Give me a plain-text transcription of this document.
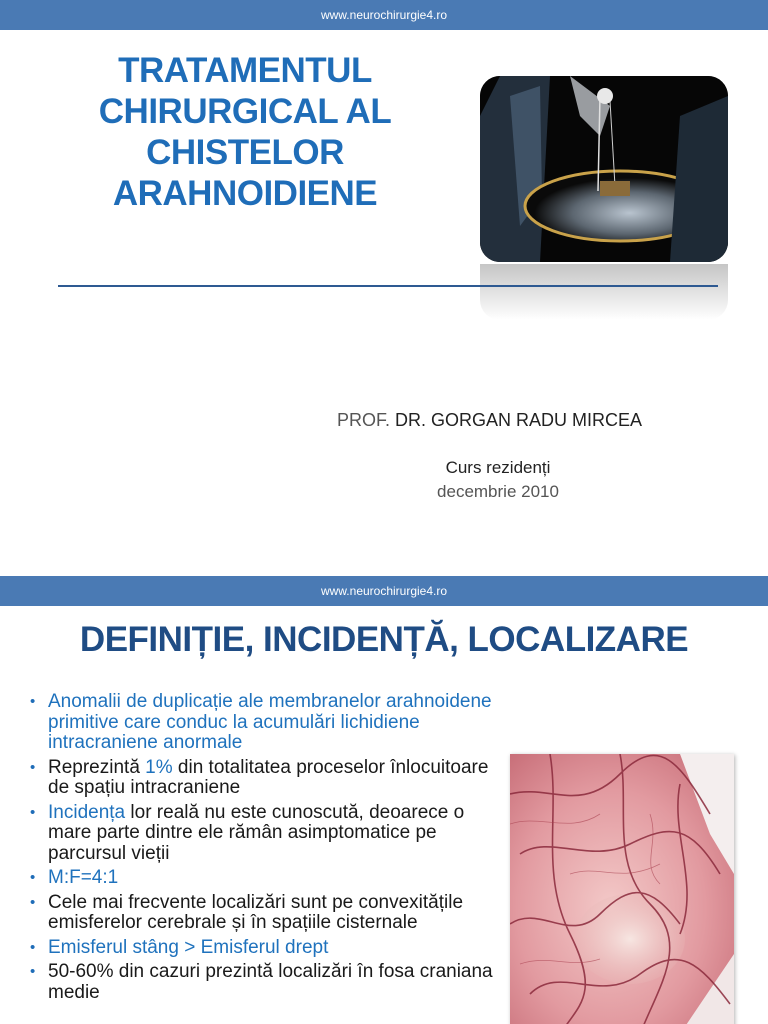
www.neurochirurgie4.ro
TRATAMENTUL
CHIRURGICAL AL
CHISTELOR
ARAHNOIDIENE
PROF. DR. GORGAN RADU MIRCEA
Curs rezidenți
decembrie 2010
www.neurochirurgie4.ro
DEFINIȚIE, INCIDENȚĂ, LOCALIZARE
• Anomalii de duplicație ale membranelor arahnoidene primitive care conduc la acumulări lichidiene intracraniene anormale
• Reprezintă 1% din totalitatea proceselor înlocuitoare de spațiu intracraniene
• Incidența lor reală nu este cunoscută, deoarece o mare parte dintre ele rămân asimptomatice pe parcursul vieții
• M:F=4:1
• Cele mai frecvente localizări sunt pe convexitățile emisferelor cerebrale și în spațiile cisternale
• Emisferul stâng > Emisferul drept
• 50-60% din cazuri prezintă localizări în fosa craniana medie
